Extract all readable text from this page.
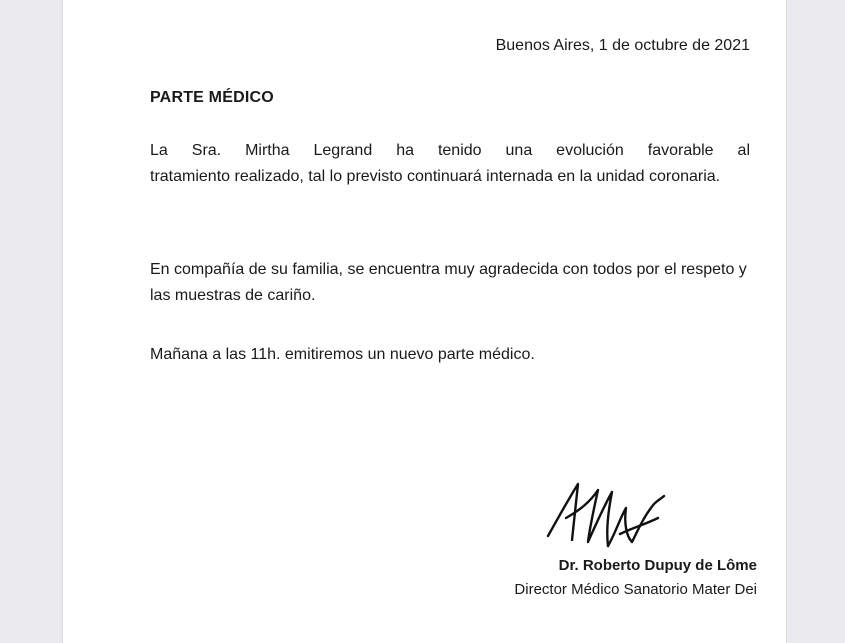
Buenos Aires, 1 de octubre de 2021
PARTE MÉDICO

La Sra. Mirtha Legrand ha tenido una evolución favorable al
tratamiento realizado, tal lo previsto continuará internada en la unidad coronaria.

En compañía de su familia, se encuentra muy agradecida con todos por el respeto y las muestras de cariño.

Mañana a las 11h. emitiremos un nuevo parte médico.

Dr. Roberto Dupuy de Lôme
Director Médico Sanatorio Mater Dei
